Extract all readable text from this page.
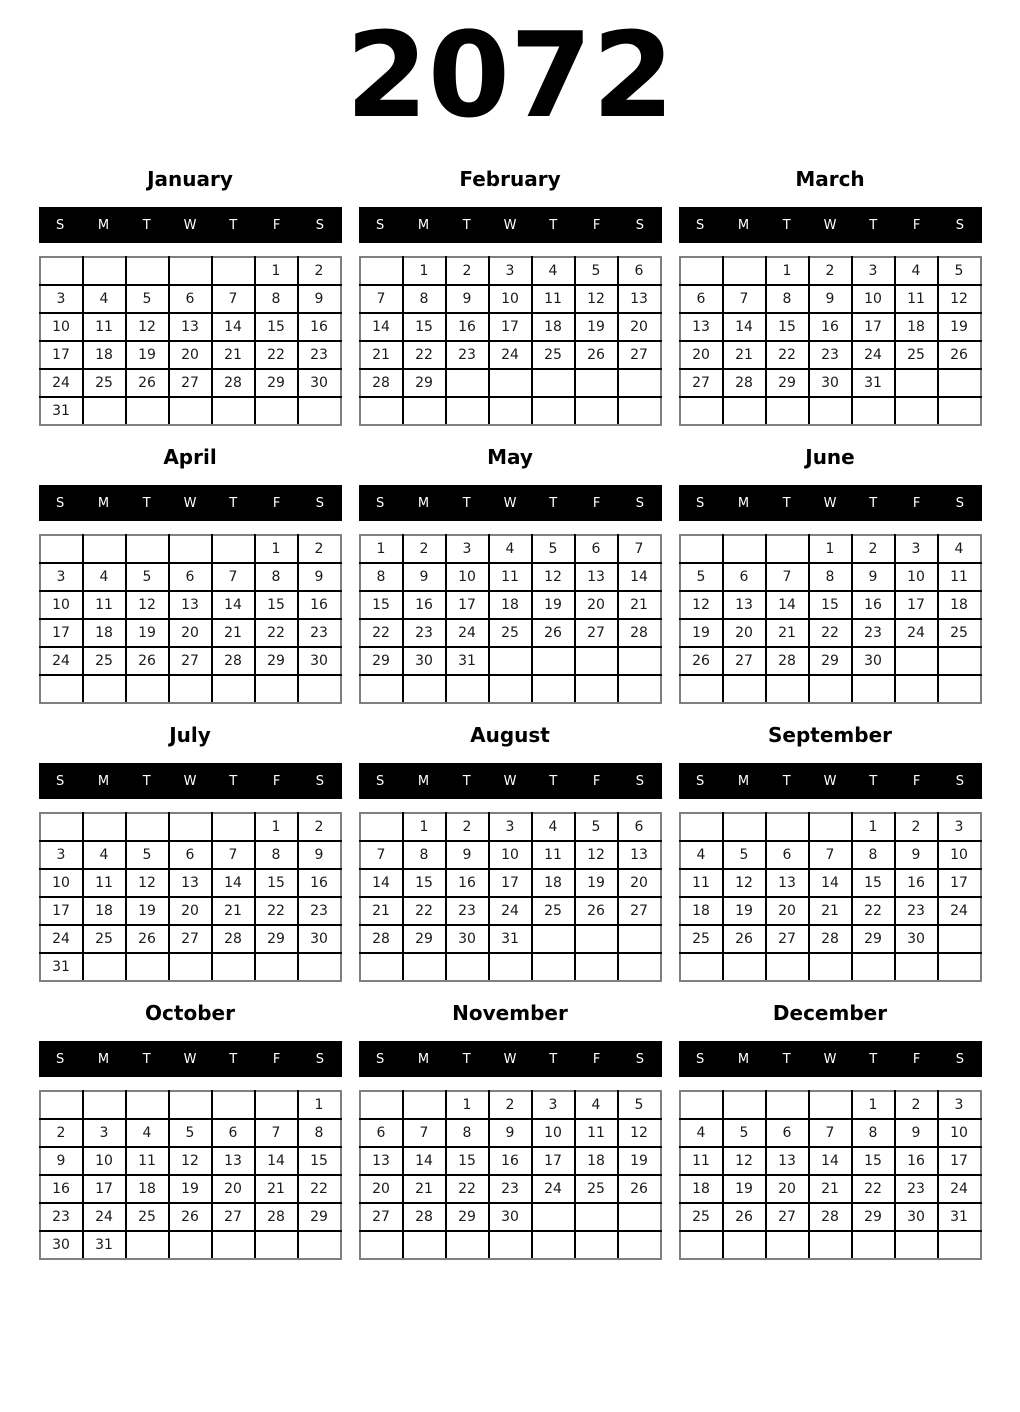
2072
January
S	M	T	W	T	F	S
					1	2
3	4	5	6	7	8	9
10	11	12	13	14	15	16
17	18	19	20	21	22	23
24	25	26	27	28	29	30
31						
February
S	M	T	W	T	F	S
	1	2	3	4	5	6
7	8	9	10	11	12	13
14	15	16	17	18	19	20
21	22	23	24	25	26	27
28	29					

March
S	M	T	W	T	F	S
		1	2	3	4	5
6	7	8	9	10	11	12
13	14	15	16	17	18	19
20	21	22	23	24	25	26
27	28	29	30	31		

April
S	M	T	W	T	F	S
					1	2
3	4	5	6	7	8	9
10	11	12	13	14	15	16
17	18	19	20	21	22	23
24	25	26	27	28	29	30

May
S	M	T	W	T	F	S
1	2	3	4	5	6	7
8	9	10	11	12	13	14
15	16	17	18	19	20	21
22	23	24	25	26	27	28
29	30	31				

June
S	M	T	W	T	F	S
			1	2	3	4
5	6	7	8	9	10	11
12	13	14	15	16	17	18
19	20	21	22	23	24	25
26	27	28	29	30		

July
S	M	T	W	T	F	S
					1	2
3	4	5	6	7	8	9
10	11	12	13	14	15	16
17	18	19	20	21	22	23
24	25	26	27	28	29	30
31						
August
S	M	T	W	T	F	S
	1	2	3	4	5	6
7	8	9	10	11	12	13
14	15	16	17	18	19	20
21	22	23	24	25	26	27
28	29	30	31			

September
S	M	T	W	T	F	S
				1	2	3
4	5	6	7	8	9	10
11	12	13	14	15	16	17
18	19	20	21	22	23	24
25	26	27	28	29	30	

October
S	M	T	W	T	F	S
						1
2	3	4	5	6	7	8
9	10	11	12	13	14	15
16	17	18	19	20	21	22
23	24	25	26	27	28	29
30	31					
November
S	M	T	W	T	F	S
		1	2	3	4	5
6	7	8	9	10	11	12
13	14	15	16	17	18	19
20	21	22	23	24	25	26
27	28	29	30			

December
S	M	T	W	T	F	S
				1	2	3
4	5	6	7	8	9	10
11	12	13	14	15	16	17
18	19	20	21	22	23	24
25	26	27	28	29	30	31
